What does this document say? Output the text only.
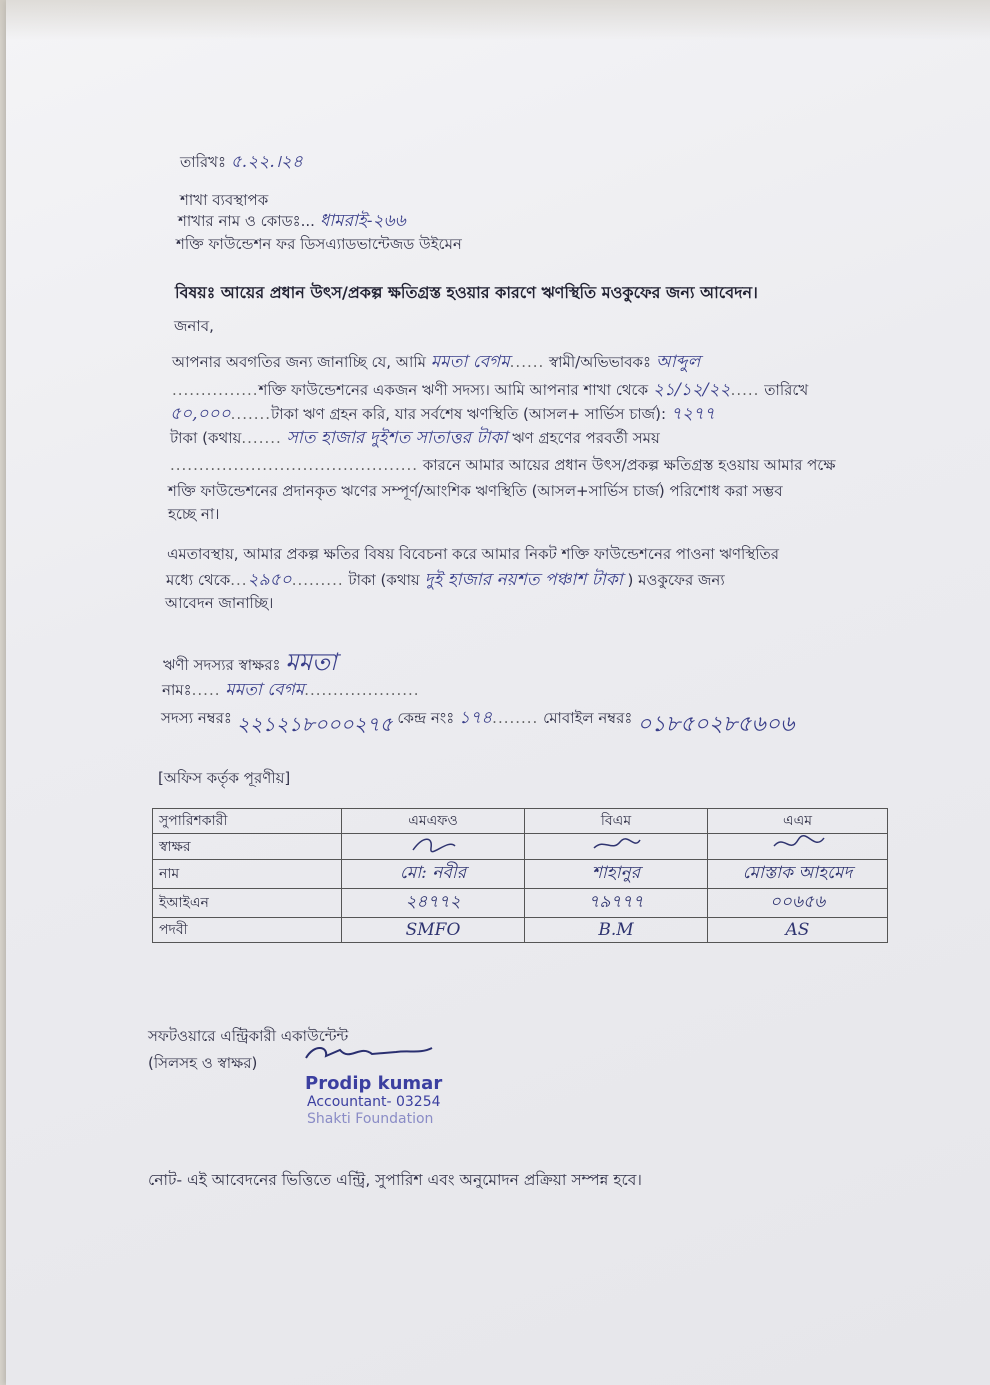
তারিখঃ ৫.২২.।২৪
শাখা ব্যবস্থাপক
শাখার নাম ও কোডঃ... ধামরাই-২৬৬
শক্তি ফাউন্ডেশন ফর ডিসএ্যাডভান্টেজড উইমেন
বিষয়ঃ আয়ের প্রধান উৎস/প্রকল্প ক্ষতিগ্রস্ত হওয়ার কারণে ঋণস্থিতি মওকুফের জন্য আবেদন।
জনাব,
আপনার অবগতির জন্য জানাচ্ছি যে, আমি মমতা বেগম...... স্বামী/অভিভাবকঃ আব্দুল
...............শক্তি ফাউন্ডেশনের একজন ঋণী সদস্য। আমি আপনার শাখা থেকে ২১/১২/২২..... তারিখে
৫০,০০০.......টাকা ঋণ গ্রহন করি, যার সর্বশেষ ঋণস্থিতি (আসল+ সার্ভিস চার্জ): ৭২৭৭
টাকা (কথায়....... সাত হাজার দুইশত সাতাত্তর টাকা ঋণ গ্রহণের পরবর্তী সময়
........................................... কারনে আমার আয়ের প্রধান উৎস/প্রকল্প ক্ষতিগ্রস্ত হওয়ায় আমার পক্ষে
শক্তি ফাউন্ডেশনের প্রদানকৃত ঋণের সম্পূর্ণ/আংশিক ঋণস্থিতি (আসল+সার্ভিস চার্জ) পরিশোধ করা সম্ভব
হচ্ছে না।
এমতাবস্থায়, আমার প্রকল্প ক্ষতির বিষয় বিবেচনা করে আমার নিকট শক্তি ফাউন্ডেশনের পাওনা ঋণস্থিতির
মধ্যে থেকে...২৯৫০......... টাকা (কথায় দুই হাজার নয়শত পঞ্চাশ টাকা ) মওকুফের জন্য
আবেদন জানাচ্ছি।
ঋণী সদস্যর স্বাক্ষরঃ মমতা
নামঃ..... মমতা বেগম....................
সদস্য নম্বরঃ ২২১২১৮০০০২৭৫ কেন্দ্র নংঃ ১৭৪........ মোবাইল নম্বরঃ ০১৮৫০২৮৫৬০৬
[অফিস কর্তৃক পূরণীয়]
সুপারিশকারী	এমএফও	বিএম	এএম
স্বাক্ষর			
নাম	মো: নবীর	শাহানুর	মোস্তাক আহমেদ
ইআইএন	২৪৭৭২	৭৯৭৭৭	০০৬৫৬
পদবী	SMFO	B.M	AS
সফটওয়ারে এন্ট্রিকারী একাউন্টেন্ট
(সিলসহ ও স্বাক্ষর)
Prodip kumar
Accountant- 03254
Shakti Foundation
নোট- এই আবেদনের ভিত্তিতে এন্ট্রি, সুপারিশ এবং অনুমোদন প্রক্রিয়া সম্পন্ন হবে।
